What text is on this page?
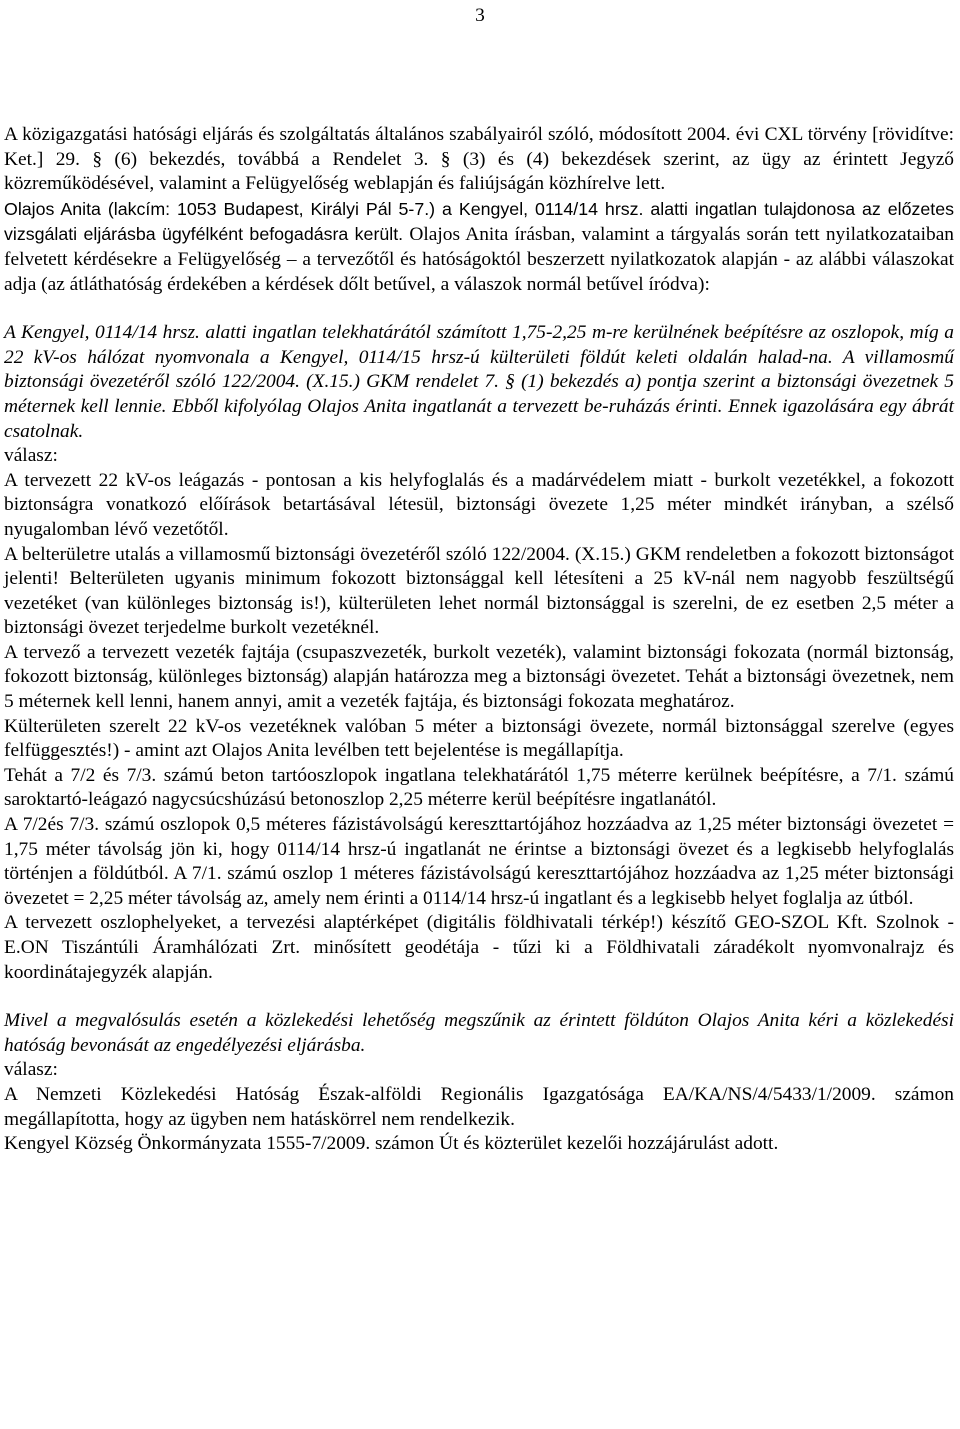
3

A közigazgatási hatósági eljárás és szolgáltatás általános szabályairól szóló, módosított 2004. évi CXL törvény [rövidítve: Ket.] 29. § (6) bekezdés, továbbá a Rendelet 3. § (3) és (4) bekezdések szerint, az ügy az érintett Jegyző közreműködésével, valamint a Felügyelőség weblapján és faliújságán közhírelve lett.

Olajos Anita (lakcím: 1053 Budapest, Királyi Pál 5-7.) a Kengyel, 0114/14 hrsz. alatti ingatlan tulajdonosa az előzetes vizsgálati eljárásba ügyfélként befogadásra került. Olajos Anita írásban, valamint a tárgyalás során tett nyilatkozataiban felvetett kérdésekre a Felügyelőség – a tervezőtől és hatóságoktól beszerzett nyilatkozatok alapján - az alábbi válaszokat adja (az átláthatóság érdekében a kérdések dőlt betűvel, a válaszok normál betűvel íródva):

A Kengyel, 0114/14 hrsz. alatti ingatlan telekhatárától számított 1,75-2,25 m-re kerülnének beépítésre az oszlopok, míg a 22 kV-os hálózat nyomvonala a Kengyel, 0114/15 hrsz-ú külterületi földút keleti oldalán halad-na. A villamosmű biztonsági övezetéről szóló 122/2004. (X.15.) GKM rendelet 7. § (1) bekezdés a) pontja szerint a biztonsági övezetnek 5 méternek kell lennie. Ebből kifolyólag Olajos Anita ingatlanát a tervezett be-ruházás érinti. Ennek igazolására egy ábrát csatolnak.

válasz:

A tervezett 22 kV-os leágazás - pontosan a kis helyfoglalás és a madárvédelem miatt - burkolt vezetékkel, a fokozott biztonságra vonatkozó előírások betartásával létesül, biztonsági övezete 1,25 méter mindkét irányban, a szélső nyugalomban lévő vezetőtől.

A belterületre utalás a villamosmű biztonsági övezetéről szóló 122/2004. (X.15.) GKM rendeletben a fokozott biztonságot jelenti! Belterületen ugyanis minimum fokozott biztonsággal kell létesíteni a 25 kV-nál nem nagyobb feszültségű vezetéket (van különleges biztonság is!), külterületen lehet normál biztonsággal is szerelni, de ez esetben 2,5 méter a biztonsági övezet terjedelme burkolt vezetéknél.

A tervező a tervezett vezeték fajtája (csupaszvezeték, burkolt vezeték), valamint biztonsági fokozata (normál biztonság, fokozott biztonság, különleges biztonság) alapján határozza meg a biztonsági övezetet. Tehát a biztonsági övezetnek, nem 5 méternek kell lenni, hanem annyi, amit a vezeték fajtája, és biztonsági fokozata meghatároz.

Külterületen szerelt 22 kV-os vezetéknek valóban 5 méter a biztonsági övezete, normál biztonsággal szerelve (egyes felfüggesztés!) - amint azt Olajos Anita levélben tett bejelentése is megállapítja.

Tehát a 7/2 és 7/3. számú beton tartóoszlopok ingatlana telekhatárától 1,75 méterre kerülnek beépítésre, a 7/1. számú saroktartó-leágazó nagycsúcshúzású betonoszlop 2,25 méterre kerül beépítésre ingatlanától.

A 7/2és 7/3. számú oszlopok 0,5 méteres fázistávolságú kereszttartójához hozzáadva az 1,25 méter biztonsági övezetet = 1,75 méter távolság jön ki, hogy 0114/14 hrsz-ú ingatlanát ne érintse a biztonsági övezet és a legkisebb helyfoglalás történjen a földútból. A 7/1. számú oszlop 1 méteres fázistávolságú kereszttartójához hozzáadva az 1,25 méter biztonsági övezetet = 2,25 méter távolság az, amely nem érinti a 0114/14 hrsz-ú ingatlant és a legkisebb helyet foglalja az útból.

A tervezett oszlophelyeket, a tervezési alaptérképet (digitális földhivatali térkép!) készítő GEO-SZOL Kft. Szolnok - E.ON Tiszántúli Áramhálózati Zrt. minősített geodétája - tűzi ki a Földhivatali záradékolt nyomvonalrajz és koordinátajegyzék alapján.

Mivel a megvalósulás esetén a közlekedési lehetőség megszűnik az érintett földúton Olajos Anita kéri a közlekedési hatóság bevonását az engedélyezési eljárásba.

válasz:

A Nemzeti Közlekedési Hatóság Észak-alföldi Regionális Igazgatósága EA/KA/NS/4/5433/1/2009. számon megállapította, hogy az ügyben nem hatáskörrel nem rendelkezik.

Kengyel Község Önkormányzata 1555-7/2009. számon Út és közterület kezelői hozzájárulást adott.
